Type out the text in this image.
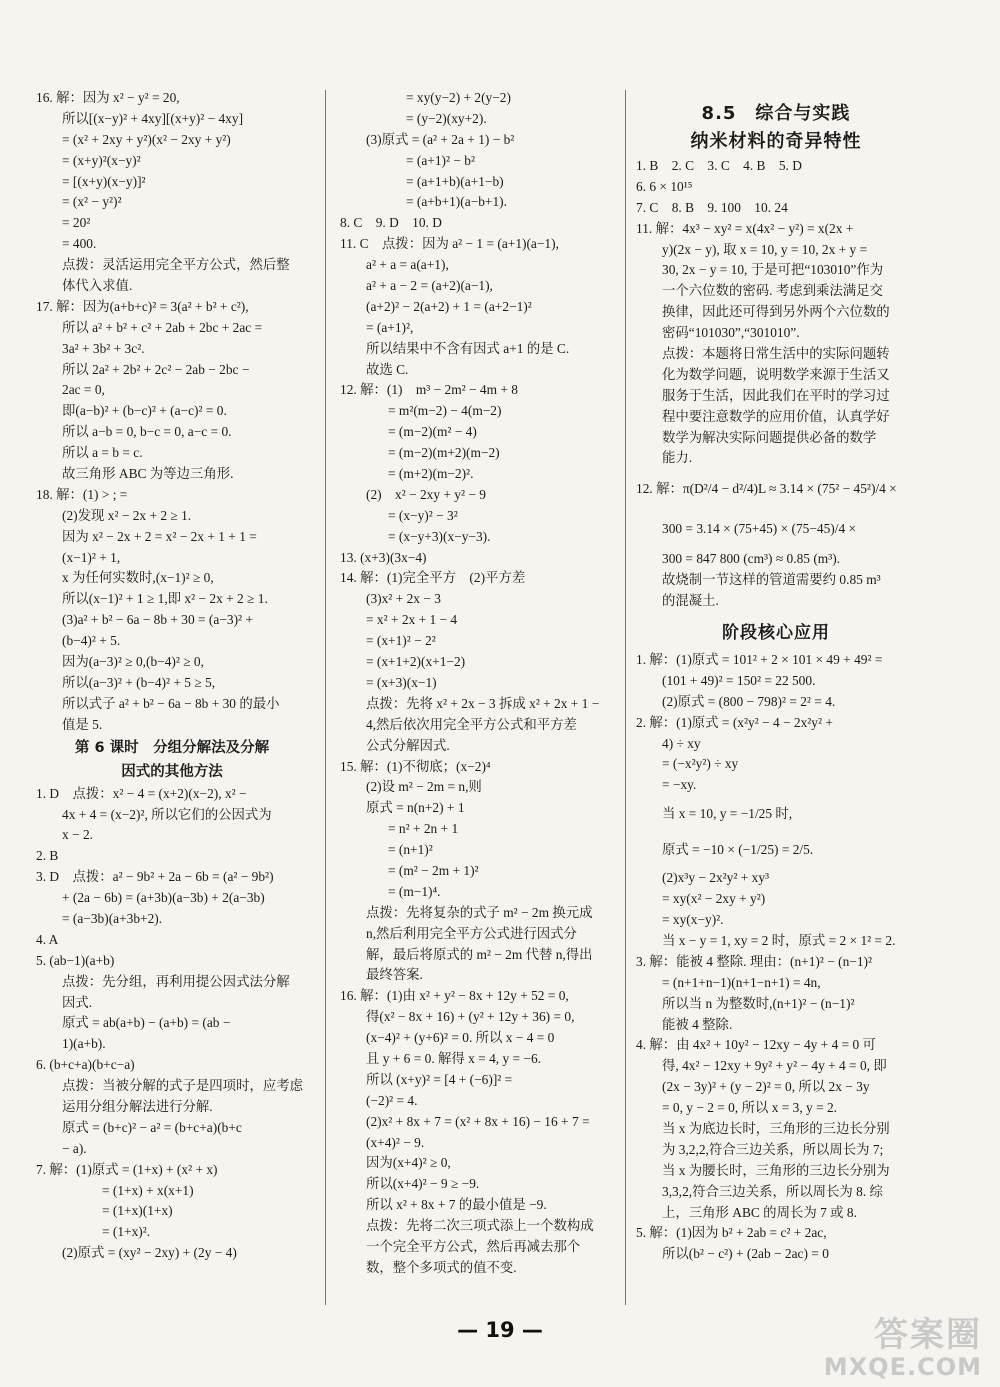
16. 解：因为 x² − y² = 20,
所以[(x−y)² + 4xy][(x+y)² − 4xy]
= (x² + 2xy + y²)(x² − 2xy + y²)
= (x+y)²(x−y)²
= [(x+y)(x−y)]²
= (x² − y²)²
= 20²
= 400.
点拨：灵活运用完全平方公式，然后整
体代入求值.
17. 解：因为(a+b+c)² = 3(a² + b² + c²),
所以 a² + b² + c² + 2ab + 2bc + 2ac =
3a² + 3b² + 3c².
所以 2a² + 2b² + 2c² − 2ab − 2bc −
2ac = 0,
即(a−b)² + (b−c)² + (a−c)² = 0.
所以 a−b = 0, b−c = 0, a−c = 0.
所以 a = b = c.
故三角形 ABC 为等边三角形.
18. 解：(1) > ; =
(2)发现 x² − 2x + 2 ≥ 1.
因为 x² − 2x + 2 = x² − 2x + 1 + 1 =
(x−1)² + 1,
x 为任何实数时,(x−1)² ≥ 0,
所以(x−1)² + 1 ≥ 1,即 x² − 2x + 2 ≥ 1.
(3)a² + b² − 6a − 8b + 30 = (a−3)² +
(b−4)² + 5.
因为(a−3)² ≥ 0,(b−4)² ≥ 0,
所以(a−3)² + (b−4)² + 5 ≥ 5,
所以式子 a² + b² − 6a − 8b + 30 的最小
值是 5.
第 6 课时　分组分解法及分解
因式的其他方法
1. D　点拨：x² − 4 = (x+2)(x−2), x² −
4x + 4 = (x−2)², 所以它们的公因式为
x − 2.
2. B
3. D　点拨：a² − 9b² + 2a − 6b = (a² − 9b²)
+ (2a − 6b) = (a+3b)(a−3b) + 2(a−3b)
= (a−3b)(a+3b+2).
4. A
5. (ab−1)(a+b)
点拨：先分组，再利用提公因式法分解
因式.
原式 = ab(a+b) − (a+b) = (ab −
1)(a+b).
6. (b+c+a)(b+c−a)
点拨：当被分解的式子是四项时，应考虑
运用分组分解法进行分解.
原式 = (b+c)² − a² = (b+c+a)(b+c
− a).
7. 解：(1)原式 = (1+x) + (x² + x)
= (1+x) + x(x+1)
= (1+x)(1+x)
= (1+x)².
(2)原式 = (xy² − 2xy) + (2y − 4)
= xy(y−2) + 2(y−2)
= (y−2)(xy+2).
(3)原式 = (a² + 2a + 1) − b²
= (a+1)² − b²
= (a+1+b)(a+1−b)
= (a+b+1)(a−b+1).
8. C　9. D　10. D
11. C　点拨：因为 a² − 1 = (a+1)(a−1),
a² + a = a(a+1),
a² + a − 2 = (a+2)(a−1),
(a+2)² − 2(a+2) + 1 = (a+2−1)²
= (a+1)²,
所以结果中不含有因式 a+1 的是 C.
故选 C.
12. 解：(1)　m³ − 2m² − 4m + 8
= m²(m−2) − 4(m−2)
= (m−2)(m² − 4)
= (m−2)(m+2)(m−2)
= (m+2)(m−2)².
(2)　x² − 2xy + y² − 9
= (x−y)² − 3²
= (x−y+3)(x−y−3).
13. (x+3)(3x−4)
14. 解：(1)完全平方　(2)平方差
(3)x² + 2x − 3
= x² + 2x + 1 − 4
= (x+1)² − 2²
= (x+1+2)(x+1−2)
= (x+3)(x−1)
点拨：先将 x² + 2x − 3 拆成 x² + 2x + 1 −
4,然后依次用完全平方公式和平方差
公式分解因式.
15. 解：(1)不彻底；(x−2)⁴
(2)设 m² − 2m = n,则
原式 = n(n+2) + 1
= n² + 2n + 1
= (n+1)²
= (m² − 2m + 1)²
= (m−1)⁴.
点拨：先将复杂的式子 m² − 2m 换元成
n,然后利用完全平方公式进行因式分
解，最后将原式的 m² − 2m 代替 n,得出
最终答案.
16. 解：(1)由 x² + y² − 8x + 12y + 52 = 0,
得(x² − 8x + 16) + (y² + 12y + 36) = 0,
(x−4)² + (y+6)² = 0. 所以 x − 4 = 0
且 y + 6 = 0. 解得 x = 4, y = −6.
所以 (x+y)² = [4 + (−6)]² =
(−2)² = 4.
(2)x² + 8x + 7 = (x² + 8x + 16) − 16 + 7 =
(x+4)² − 9.
因为(x+4)² ≥ 0,
所以(x+4)² − 9 ≥ −9.
所以 x² + 8x + 7 的最小值是 −9.
点拨：先将二次三项式添上一个数构成
一个完全平方公式，然后再减去那个
数，整个多项式的值不变.
8.5　综合与实践
纳米材料的奇异特性
1. B　2. C　3. C　4. B　5. D
6. 6 × 10¹⁵
7. C　8. B　9. 100　10. 24
11. 解：4x³ − xy² = x(4x² − y²) = x(2x +
y)(2x − y), 取 x = 10, y = 10, 2x + y =
30, 2x − y = 10, 于是可把“103010”作为
一个六位数的密码. 考虑到乘法满足交
换律，因此还可得到另外两个六位数的
密码“101030”,“301010”.
点拨：本题将日常生活中的实际问题转
化为数学问题，说明数学来源于生活又
服务于生活，因此我们在平时的学习过
程中要注意数学的应用价值，认真学好
数学为解决实际问题提供必备的数学
能力.
12. 解：π(D²/4 − d²/4)L ≈ 3.14 × (75² − 45²)/4 ×
300 = 3.14 × (75+45) × (75−45)/4 ×
300 = 847 800 (cm³) ≈ 0.85 (m³).
故烧制一节这样的管道需要约 0.85 m³
的混凝土.
阶段核心应用
1. 解：(1)原式 = 101² + 2 × 101 × 49 + 49² =
(101 + 49)² = 150² = 22 500.
(2)原式 = (800 − 798)² = 2² = 4.
2. 解：(1)原式 = (x²y² − 4 − 2x²y² +
4) ÷ xy
= (−x²y²) ÷ xy
= −xy.
当 x = 10, y = −1/25 时,
原式 = −10 × (−1/25) = 2/5.
(2)x³y − 2x²y² + xy³
= xy(x² − 2xy + y²)
= xy(x−y)².
当 x − y = 1, xy = 2 时，原式 = 2 × 1² = 2.
3. 解：能被 4 整除. 理由：(n+1)² − (n−1)²
= (n+1+n−1)(n+1−n+1) = 4n,
所以当 n 为整数时,(n+1)² − (n−1)²
能被 4 整除.
4. 解：由 4x² + 10y² − 12xy − 4y + 4 = 0 可
得, 4x² − 12xy + 9y² + y² − 4y + 4 = 0, 即
(2x − 3y)² + (y − 2)² = 0, 所以 2x − 3y
= 0, y − 2 = 0, 所以 x = 3, y = 2.
当 x 为底边长时，三角形的三边长分别
为 3,2,2,符合三边关系，所以周长为 7;
当 x 为腰长时，三角形的三边长分别为
3,3,2,符合三边关系，所以周长为 8. 综
上，三角形 ABC 的周长为 7 或 8.
5. 解：(1)因为 b² + 2ab = c² + 2ac,
所以(b² − c²) + (2ab − 2ac) = 0
— 19 —	答案圈
MXQE.COM
